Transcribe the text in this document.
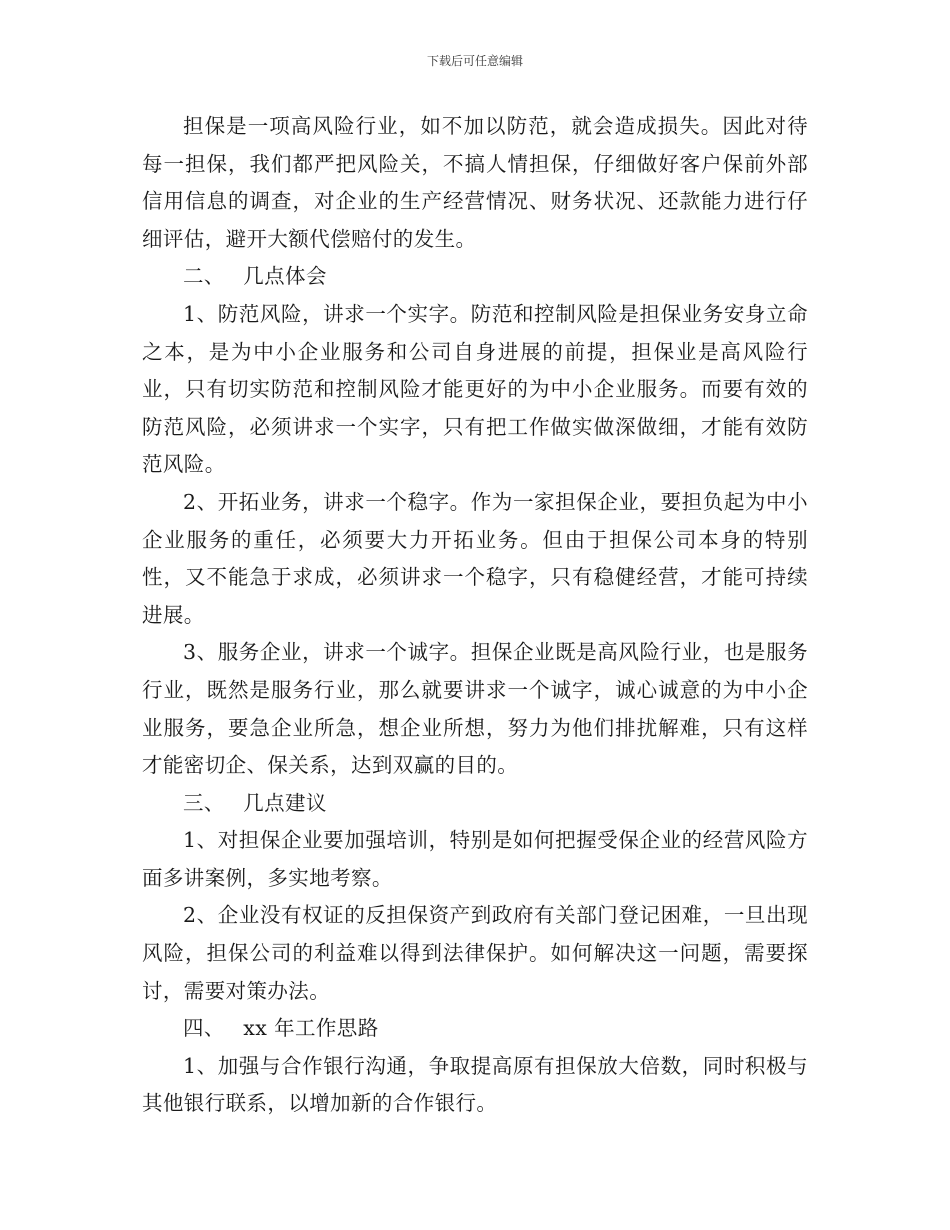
下载后可任意编辑

担保是一项高风险行业，如不加以防范，就会造成损失。因此对待每一担保，我们都严把风险关，不搞人情担保，仔细做好客户保前外部信用信息的调查，对企业的生产经营情况、财务状况、还款能力进行仔细评估，避开大额代偿赔付的发生。

二、 几点体会

1、防范风险，讲求一个实字。防范和控制风险是担保业务安身立命之本，是为中小企业服务和公司自身进展的前提，担保业是高风险行业，只有切实防范和控制风险才能更好的为中小企业服务。而要有效的防范风险，必须讲求一个实字，只有把工作做实做深做细，才能有效防范风险。

2、开拓业务，讲求一个稳字。作为一家担保企业，要担负起为中小企业服务的重任，必须要大力开拓业务。但由于担保公司本身的特别性，又不能急于求成，必须讲求一个稳字，只有稳健经营，才能可持续进展。

3、服务企业，讲求一个诚字。担保企业既是高风险行业，也是服务行业，既然是服务行业，那么就要讲求一个诚字，诚心诚意的为中小企业服务，要急企业所急，想企业所想，努力为他们排扰解难，只有这样才能密切企、保关系，达到双赢的目的。

三、 几点建议

1、对担保企业要加强培训，特别是如何把握受保企业的经营风险方面多讲案例，多实地考察。

2、企业没有权证的反担保资产到政府有关部门登记困难，一旦出现风险，担保公司的利益难以得到法律保护。如何解决这一问题，需要探讨，需要对策办法。

四、 xx 年工作思路

1、加强与合作银行沟通，争取提高原有担保放大倍数，同时积极与其他银行联系，以增加新的合作银行。
